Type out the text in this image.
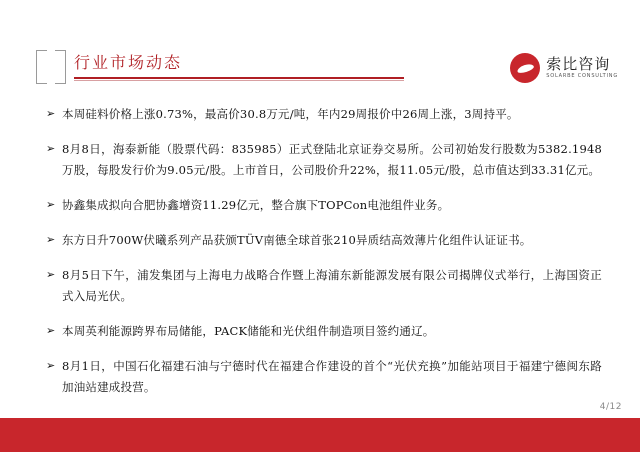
行业市场动态	索比咨询
SOLARBE CONSULTING
➢ 本周硅料价格上涨0.73%，最高价30.8万元/吨，年内29周报价中26周上涨，3周持平。
➢ 8月8日，海泰新能（股票代码：835985）正式登陆北京证券交易所。公司初始发行股数为5382.1948万股，每股发行价为9.05元/股。上市首日，公司股价升22%，报11.05元/股，总市值达到33.31亿元。
➢ 协鑫集成拟向合肥协鑫增资11.29亿元，整合旗下TOPCon电池组件业务。
➢ 东方日升700W伏曦系列产品获颁TÜV南德全球首张210异质结高效薄片化组件认证证书。
➢ 8月5日下午，浦发集团与上海电力战略合作暨上海浦东新能源发展有限公司揭牌仪式举行，上海国资正式入局光伏。
➢ 本周英利能源跨界布局储能，PACK储能和光伏组件制造项目签约通辽。
➢ 8月1日，中国石化福建石油与宁德时代在福建合作建设的首个“光伏充换”加能站项目于福建宁德闽东路加油站建成投营。
4/12
